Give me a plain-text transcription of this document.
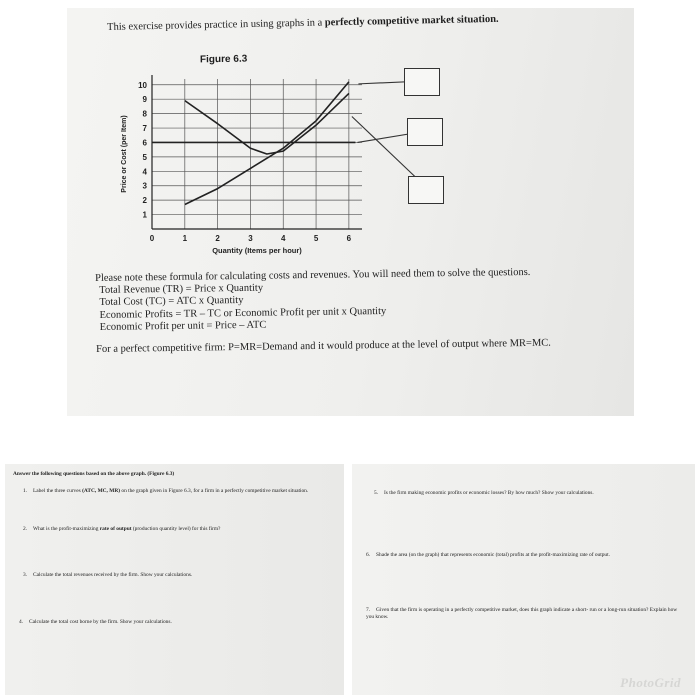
This exercise provides practice in using graphs in a perfectly competitive market situation.
Figure 6.3
1
2
3
4
5
6
7
8
9
10
0	1	2	3	4	5	6
Quantity (Items per hour)
Price or Cost (per Item)
Please note these formula for calculating costs and revenues. You will need them to solve the questions.
Total Revenue (TR) = Price x Quantity
Total Cost (TC) = ATC x Quantity
Economic Profits = TR – TC or Economic Profit per unit x Quantity
Economic Profit per unit = Price – ATC
For a perfect competitive firm: P=MR=Demand and it would produce at the level of output where MR=MC.
Answer the following questions based on the above graph. (Figure 6.3)
1. Label the three curves (ATC, MC, MR) on the graph given in Figure 6.3, for a firm in a perfectly competitive market situation.
2. What is the profit-maximizing rate of output (production quantity level) for this firm?
3. Calculate the total revenues received by the firm. Show your calculations.
4. Calculate the total cost borne by the firm. Show your calculations.
5. Is the firm making economic profits or economic losses? By how much? Show your calculations.
6. Shade the area (on the graph) that represents economic (total) profits at the profit-maximizing rate of output.
7. Given that the firm is operating in a perfectly competitive market, does this graph indicate a short- run or a long-run situation? Explain how you know.
PhotoGrid
